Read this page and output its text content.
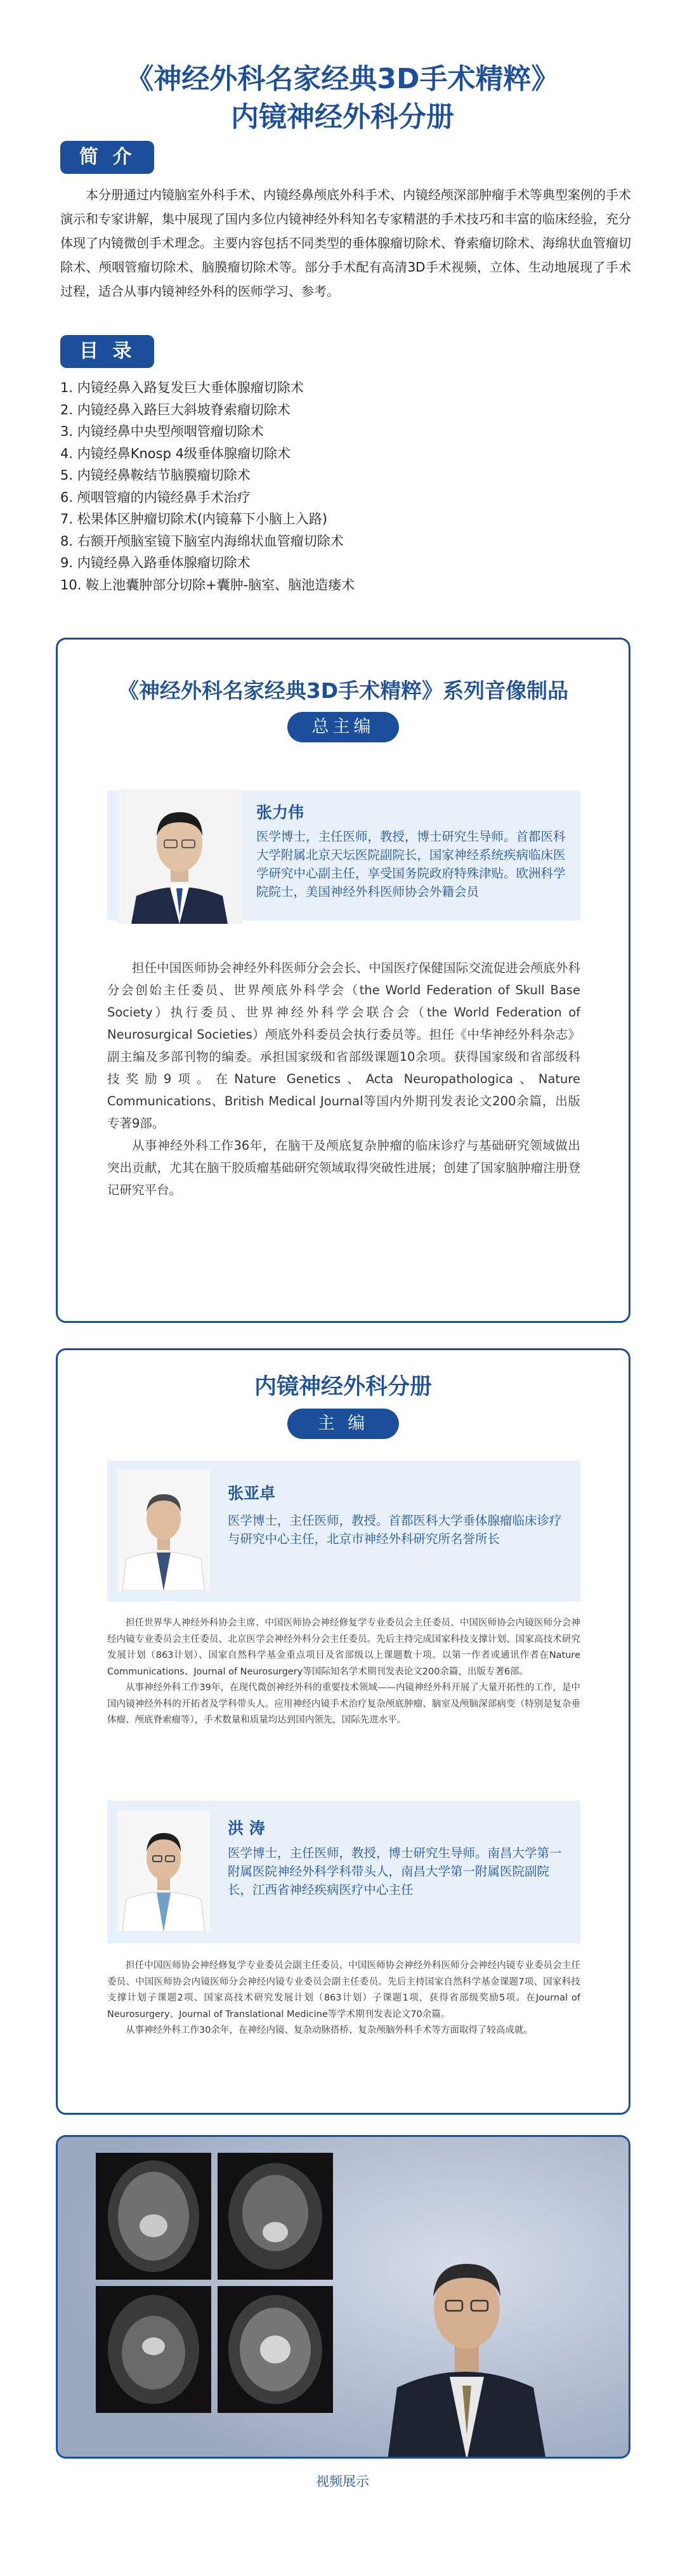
《神经外科名家经典3D手术精粹》
内镜神经外科分册
简 介

本分册通过内镜脑室外科手术、内镜经鼻颅底外科手术、内镜经颅深部肿瘤手术等典型案例的手术演示和专家讲解，集中展现了国内多位内镜神经外科知名专家精湛的手术技巧和丰富的临床经验，充分体现了内镜微创手术理念。主要内容包括不同类型的垂体腺瘤切除术、脊索瘤切除术、海绵状血管瘤切除术、颅咽管瘤切除术、脑膜瘤切除术等。部分手术配有高清3D手术视频，立体、生动地展现了手术过程，适合从事内镜神经外科的医师学习、参考。

目 录
1. 内镜经鼻入路复发巨大垂体腺瘤切除术
2. 内镜经鼻入路巨大斜坡脊索瘤切除术
3. 内镜经鼻中央型颅咽管瘤切除术
4. 内镜经鼻Knosp 4级垂体腺瘤切除术
5. 内镜经鼻鞍结节脑膜瘤切除术
6. 颅咽管瘤的内镜经鼻手术治疗
7. 松果体区肿瘤切除术(内镜幕下小脑上入路)
8. 右额开颅脑室镜下脑室内海绵状血管瘤切除术
9. 内镜经鼻入路垂体腺瘤切除术
10. 鞍上池囊肿部分切除+囊肿-脑室、脑池造瘘术
《神经外科名家经典3D手术精粹》系列音像制品
总主编
张力伟
医学博士，主任医师，教授，博士研究生导师。首都医科大学附属北京天坛医院副院长，国家神经系统疾病临床医学研究中心副主任，享受国务院政府特殊津贴。欧洲科学院院士，美国神经外科医师协会外籍会员

担任中国医师协会神经外科医师分会会长、中国医疗保健国际交流促进会颅底外科分会创始主任委员、世界颅底外科学会（the World Federation of Skull Base Society）执行委员、世界神经外科学会联合会（the World Federation of Neurosurgical Societies）颅底外科委员会执行委员等。担任《中华神经外科杂志》副主编及多部刊物的编委。承担国家级和省部级课题10余项。获得国家级和省部级科技奖励9项。在Nature Genetics、Acta Neuropathologica、Nature Communications、British Medical Journal等国内外期刊发表论文200余篇，出版专著9部。

从事神经外科工作36年，在脑干及颅底复杂肿瘤的临床诊疗与基础研究领域做出突出贡献，尤其在脑干胶质瘤基础研究领域取得突破性进展；创建了国家脑肿瘤注册登记研究平台。

内镜神经外科分册
主 编
张亚卓
医学博士，主任医师，教授。首都医科大学垂体腺瘤临床诊疗与研究中心主任，北京市神经外科研究所名誉所长

担任世界华人神经外科协会主席、中国医师协会神经修复学专业委员会主任委员、中国医师协会内镜医师分会神经内镜专业委员会主任委员、北京医学会神经外科分会主任委员。先后主持完成国家科技支撑计划、国家高技术研究发展计划（863计划）、国家自然科学基金重点项目及省部级以上课题数十项。以第一作者或通讯作者在Nature Communications、Journal of Neurosurgery等国际知名学术期刊发表论文200余篇，出版专著6部。

从事神经外科工作39年，在现代微创神经外科的重要技术领域——内镜神经外科开展了大量开拓性的工作，是中国内镜神经外科的开拓者及学科带头人。应用神经内镜手术治疗复杂颅底肿瘤、脑室及颅脑深部病变（特别是复杂垂体瘤、颅底脊索瘤等），手术数量和质量均达到国内领先，国际先进水平。

洪 涛
医学博士，主任医师，教授，博士研究生导师。南昌大学第一附属医院神经外科学科带头人，南昌大学第一附属医院副院长，江西省神经疾病医疗中心主任

担任中国医师协会神经修复学专业委员会副主任委员、中国医师协会神经外科医师分会神经内镜专业委员会主任委员、中国医师协会内镜医师分会神经内镜专业委员会副主任委员。先后主持国家自然科学基金课题7项、国家科技支撑计划子课题2项、国家高技术研究发展计划（863计划）子课题1项，获得省部级奖励5项。在Journal of Neurosurgery、Journal of Translational Medicine等学术期刊发表论文70余篇。

从事神经外科工作30余年，在神经内镜、复杂动脉搭桥、复杂颅脑外科手术等方面取得了较高成就。

视频展示
